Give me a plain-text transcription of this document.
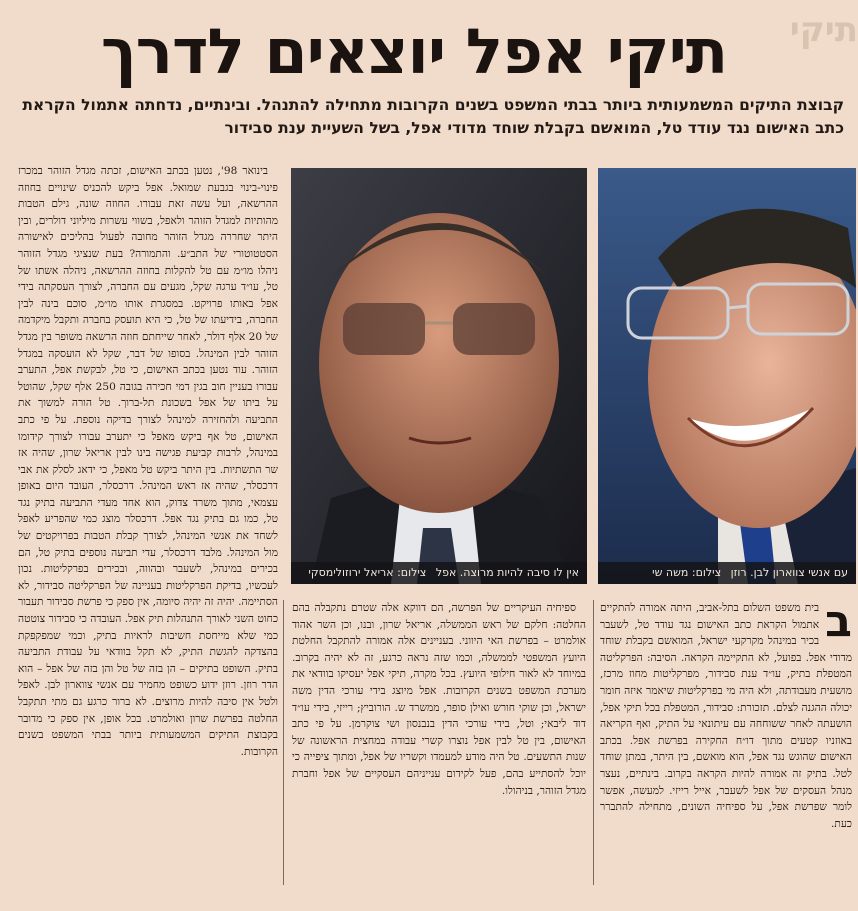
תיקי
תיקי אפל יוצאים לדרך
קבוצת התיקים המשמעותית ביותר בבתי המשפט בשנים הקרובות מתחילה להתנהל. ובינתיים, נדחתה אתמול הקראת כתב האישום נגד עודד טל, המואשם בקבלת שוחד מדודי אפל, בשל השעיית ענת סבידור
עם אנשי צווארון לבן. רוזן צילום: משה שי
אין לו סיבה להיות מרוצה. אפל צילום: אריאל ירוזולימסקי

בינואר 98', נטען בכתב האישום, זכתה מגדל הזוהר במכרז פינוי-בינוי בגבעת שמואל. אפל ביקש להכניס שינויים בחוזה ההרשאה, ועל עשה זאת עבורו. החוזה שונה, גילם הטבות מהותיות למגדל הזוהר ולאפל, בשווי עשרות מיליוני דולרים, ובין היתר שחררה מגדל הזוהר מחובה לפעול בהליכים לאישורה הסטטוטורי של התב״ע. והתמורה? בעת שנציגי מגדל הזוהר ניהלו מו״מ עם טל להקלות בחוזה ההרשאה, ניהלה אשתו של טל, עו״ד ערגה שקל, מגעים עם החברה, לצורך העסקתה בידי אפל באותו פרויקט. במסגרת אותו מו״מ, סוכם בינה לבין החברה, בידיעתו של טל, כי היא תועסק בחברה ותקבל מיקדמה של 20 אלף דולר, לאחר שייחתם חוזה הרשאה משופר בין מגדל הזוהר לבין המינהל. בסופו של דבר, שקל לא הועסקה במגדל הזוהר. עוד נטען בכתב האישום, כי טל, לבקשת אפל, התערב עבורו בעניין חוב בגין דמי חכירה בגובה 250 אלף שקל, שהוטל על ביתו של אפל בשכונת תל-ברוך. טל הורה למשוך את התביעה ולהחזירה למינהל לצורך בדיקה נוספת. על פי כתב האישום, טל אף ביקש מאפל כי יתערב עבורו לצורך קידומו במינהל, לרבות קביעת פגישה בינו לבין אריאל שרון, שהיה אז שר התשתיות. בין היתר ביקש טל מאפל, כי ידאג לסלק את אבי דרכסלר, שהיה אז ראש המינהל. דרכסלר, העובד היום באופן עצמאי, מתוך משרד צדוק, הוא אחד מעדי התביעה בתיק נגד טל, כמו גם בתיק נגד אפל. דרכסלר מוצג כמי שהפריע לאפל לשחד את אנשי המינהל, לצורך קבלת הטבות בפרויקטים של מול המינהל. מלבד דרכסלר, עדי תביעה נוספים בתיק טל, הם בכירים במינהל, לשעבר ובהווה, ובכירים בפרקליטות. נכון לעכשיו, בדיקת הפרקליטות בעניינה של הפרקליטה סבידור, לא הסתיימה. יהיה זה יהיה סיומה, אין ספק כי פרשת סבידור תעבור כחוט השני לאורך התנהלות תיק אפל. העובדה כי סבידור צוטטה כמי שלא מייחסת חשיבות לראיות בתיק, וכמי שמפקפקת בהצדקה להגשת התיק, לא תקל בוודאי על עבודת התביעה בתיק. השופט בתיקים – הן בזה של טל והן בזה של אפל – הוא הדר רוזן. רוזן ידוע כשופט מחמיר עם אנשי צווארון לבן. לאפל ולטל אין סיבה להיות מרוצים. לא ברור כרגע גם מתי תתקבל החלטה בפרשת שרון ואולמרט. בכל אופן, אין ספק כי מדובר בקבוצת התיקים המשמעותית ביותר בבתי המשפט בשנים הקרובות.

ספיחיה העיקריים של הפרשה, הם דווקא אלה שטרם נתקבלה בהם החלטה: חלקם של ראש הממשלה, אריאל שרון, ובנו, וכן השר אהוד אולמרט – בפרשת האי היווני. בעניינים אלה אמורה להתקבל החלטת היועץ המשפטי לממשלה, וכמו שזה נראה כרגע, זה לא יהיה בקרוב. במיוחד לא לאור חילופי היועץ. בכל מקרה, תיקי אפל יעסיקו בוודאי את מערכת המשפט בשנים הקרובות. אפל מיוצג בידי עורכי הדין משה ישראל, וכן שוקי חורש ואילן סופר, ממשרד ש. הורוביץ; רייזי, בידי עו״ד דוד ליבאי; וטל, בידי עורכי הדין בנבנסון ושי צוקרמן. על פי כתב האישום, בין טל לבין אפל נוצרו קשרי עבודה במחצית הראשונה של שנות התשעים. טל היה מודע למעמדו וקשריו של אפל, ומתוך ציפייה כי יוכל להסתייע בהם, פעל לקידום ענייניהם העסקיים של אפל וחברת מגדל הזוהר, בניהולו.

ב

בית משפט השלום בתל-אביב, היתה אמורה להתקיים אתמול הקראת כתב האישום נגד עודד טל, לשעבר בכיר במינהל מקרקעי ישראל, המואשם בקבלת שוחד מדודי אפל. בפועל, לא התקיימה הקראה. הסיבה: הפרקליטה המטפלת בתיק, עו״ד ענת סבידור, מפרקליטות מחוז מרכז, מושעית מעבודתה, ולא היה מי בפרקליטות שיאמר איזה חומר יכולה ההגנה לצלם. תזכורת: סבידור, המטפלת בכל תיקי אפל, הושעתה לאחר ששוחחה עם עיתונאי על התיק, ואף הקריאה באוזניו קטעים מתוך דו״ח החקירה בפרשת אפל. בכתב האישום שהוגש נגד אפל, הוא מואשם, בין היתר, במתן שוחד לטל. בתיק זה אמורה להיות הקראה בקרוב. בינתיים, נעצר מנהל העסקים של אפל לשעבר, אייל רייזי. למעשה, אפשר לומר שפרשת אפל, על ספיחיה השונים, מתחילה להתברר כעת.
